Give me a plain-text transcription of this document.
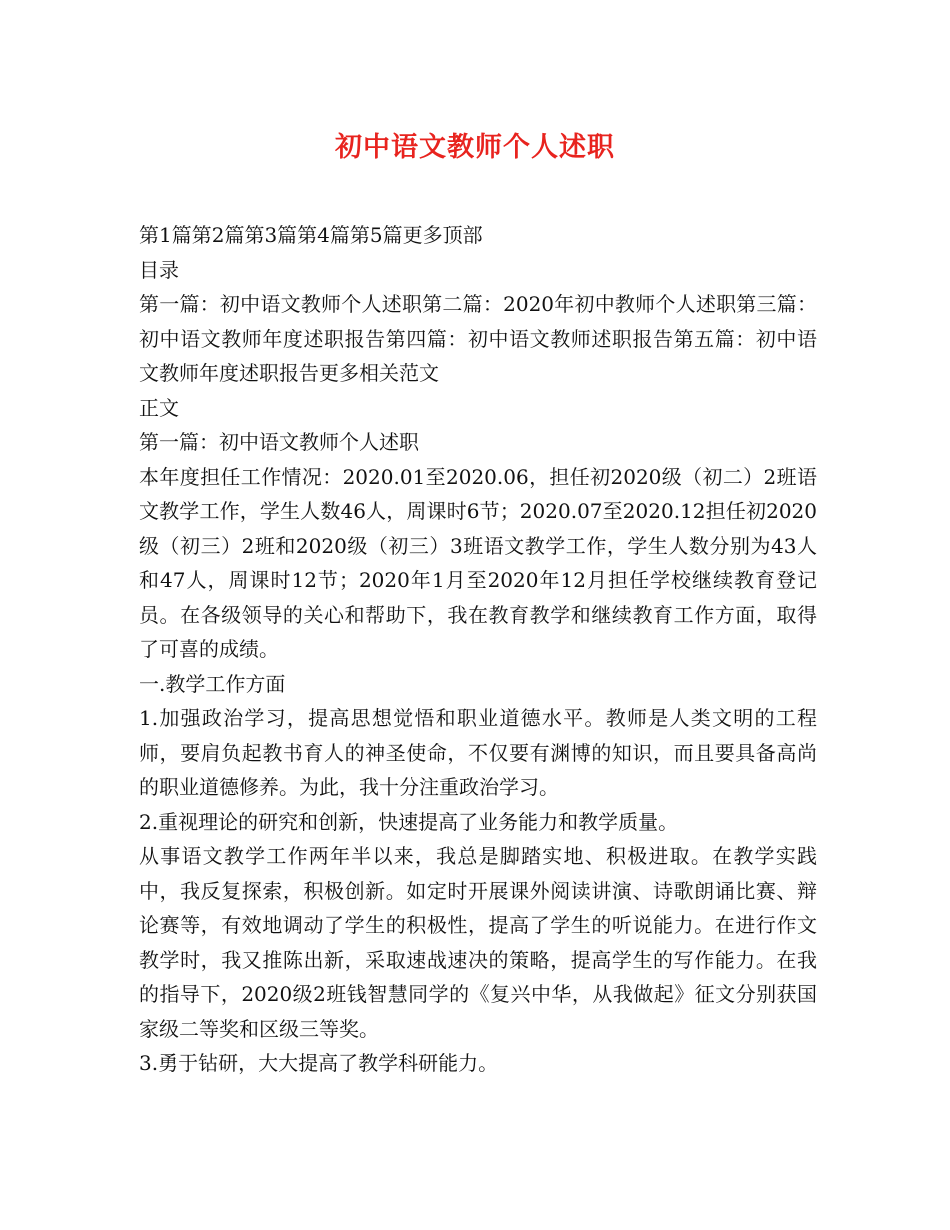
初中语文教师个人述职

第1篇第2篇第3篇第4篇第5篇更多顶部

目录

第一篇：初中语文教师个人述职第二篇：2020年初中教师个人述职第三篇：初中语文教师年度述职报告第四篇：初中语文教师述职报告第五篇：初中语文教师年度述职报告更多相关范文

正文

第一篇：初中语文教师个人述职

本年度担任工作情况：2020.01至2020.06，担任初2020级（初二）2班语文教学工作，学生人数46人，周课时6节；2020.07至2020.12担任初2020级（初三）2班和2020级（初三）3班语文教学工作，学生人数分别为43人和47人，周课时12节；2020年1月至2020年12月担任学校继续教育登记员。在各级领导的关心和帮助下，我在教育教学和继续教育工作方面，取得了可喜的成绩。

一.教学工作方面

1.加强政治学习，提高思想觉悟和职业道德水平。教师是人类文明的工程师，要肩负起教书育人的神圣使命，不仅要有渊博的知识，而且要具备高尚的职业道德修养。为此，我十分注重政治学习。

2.重视理论的研究和创新，快速提高了业务能力和教学质量。

从事语文教学工作两年半以来，我总是脚踏实地、积极进取。在教学实践中，我反复探索，积极创新。如定时开展课外阅读讲演、诗歌朗诵比赛、辩论赛等，有效地调动了学生的积极性，提高了学生的听说能力。在进行作文教学时，我又推陈出新，采取速战速决的策略，提高学生的写作能力。在我的指导下，2020级2班钱智慧同学的《复兴中华，从我做起》征文分别获国家级二等奖和区级三等奖。

3.勇于钻研，大大提高了教学科研能力。
